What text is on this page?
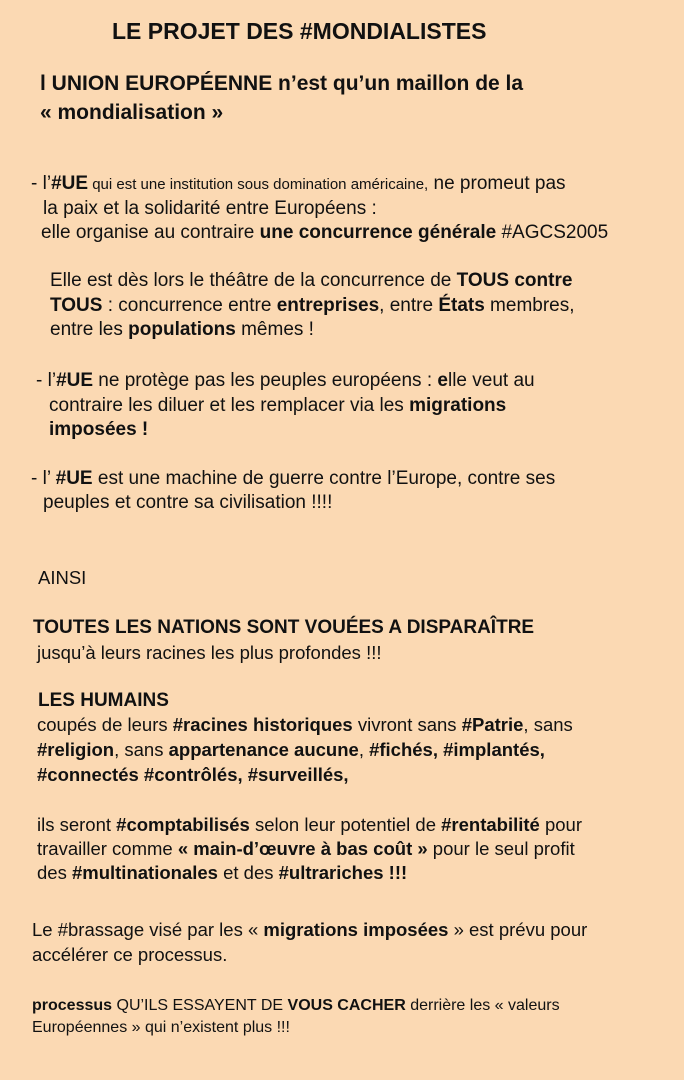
LE PROJET DES #MONDIALISTES
l UNION EUROPÉENNE n’est qu’un maillon de la
« mondialisation »
- l’#UE qui est une institution sous domination américaine, ne promeut pas
la paix et la solidarité entre Européens :
elle organise au contraire une concurrence générale #AGCS2005
Elle est dès lors le théâtre de la concurrence de TOUS contre
TOUS : concurrence entre entreprises, entre États membres,
entre les populations mêmes !
- l’#UE ne protège pas les peuples européens : elle veut au
contraire les diluer et les remplacer via les migrations
imposées !
- l’ #UE est une machine de guerre contre l’Europe, contre ses
peuples et contre sa civilisation !!!!
AINSI
TOUTES LES NATIONS SONT VOUÉES A DISPARAÎTRE
jusqu’à leurs racines les plus profondes !!!
LES HUMAINS
coupés de leurs #racines historiques vivront sans #Patrie, sans
#religion, sans appartenance aucune, #fichés, #implantés,
#connectés #contrôlés, #surveillés,
ils seront #comptabilisés selon leur potentiel de #rentabilité pour
travailler comme « main-d’œuvre à bas coût » pour le seul profit
des #multinationales et des #ultrariches !!!
Le #brassage visé par les « migrations imposées » est prévu pour
accélérer ce processus.
processus QU’ILS ESSAYENT DE VOUS CACHER derrière les « valeurs
Européennes » qui n’existent plus !!!
